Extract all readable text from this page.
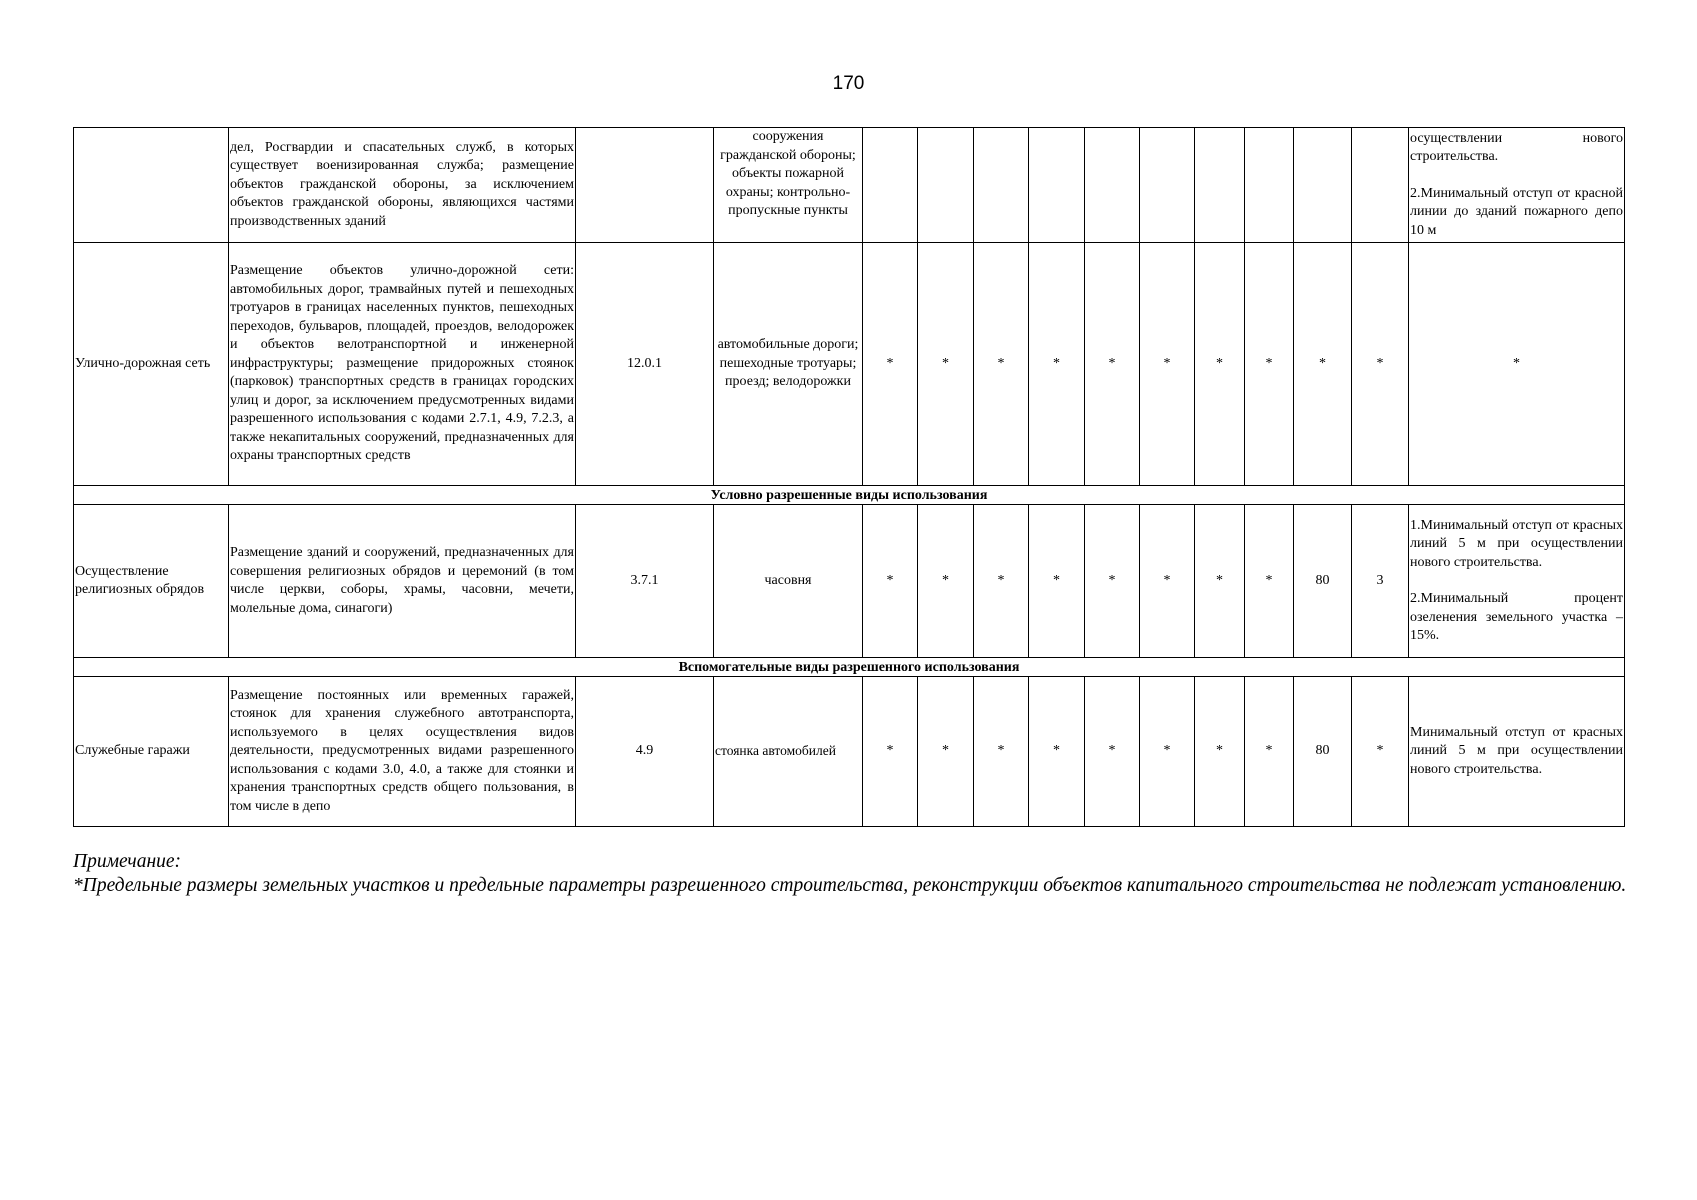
170
	дел, Росгвардии и спасательных служб, в которых существует военизированная служба; размещение объектов гражданской обороны, за исключением объектов гражданской обороны, являющихся частями производственных зданий		сооружения гражданской обороны; объекты пожарной охраны; контрольно-пропускные пункты											осуществлении нового строительства.

2.Минимальный отступ от красной линии до зданий пожарного депо 10 м

Улично-дорожная сеть	Размещение объектов улично-дорожной сети: автомобильных дорог, трамвайных путей и пешеходных тротуаров в границах населенных пунктов, пешеходных переходов, бульваров, площадей, проездов, велодорожек и объектов велотранспортной и инженерной инфраструктуры; размещение придорожных стоянок (парковок) транспортных средств в границах городских улиц и дорог, за исключением предусмотренных видами разрешенного использования с кодами 2.7.1, 4.9, 7.2.3, а также некапитальных сооружений, предназначенных для охраны транспортных средств	12.0.1	автомобильные дороги; пешеходные тротуары; проезд; велодорожки	*	*	*	*	*	*	*	*	*	*	*
Условно разрешенные виды использования														
Осуществление религиозных обрядов	Размещение зданий и сооружений, предназначенных для совершения религиозных обрядов и церемоний (в том числе церкви, соборы, храмы, часовни, мечети, молельные дома, синагоги)	3.7.1	часовня	*	*	*	*	*	*	*	*	80	3	1.Минимальный отступ от красных линий 5 м при осуществлении нового строительства.

2.Минимальный процент озеленения земельного участка – 15%.

Вспомогательные виды разрешенного использования														
Служебные гаражи	Размещение постоянных или временных гаражей, стоянок для хранения служебного автотранспорта, используемого в целях осуществления видов деятельности, предусмотренных видами разрешенного использования с кодами 3.0, 4.0, а также для стоянки и хранения транспортных средств общего пользования, в том числе в депо	4.9	стоянка автомобилей	*	*	*	*	*	*	*	*	80	*	Минимальный отступ от красных линий 5 м при осуществлении нового строительства.

Примечание:

*Предельные размеры земельных участков и предельные параметры разрешенного строительства, реконструкции объектов капитального строительства не подлежат установлению.
